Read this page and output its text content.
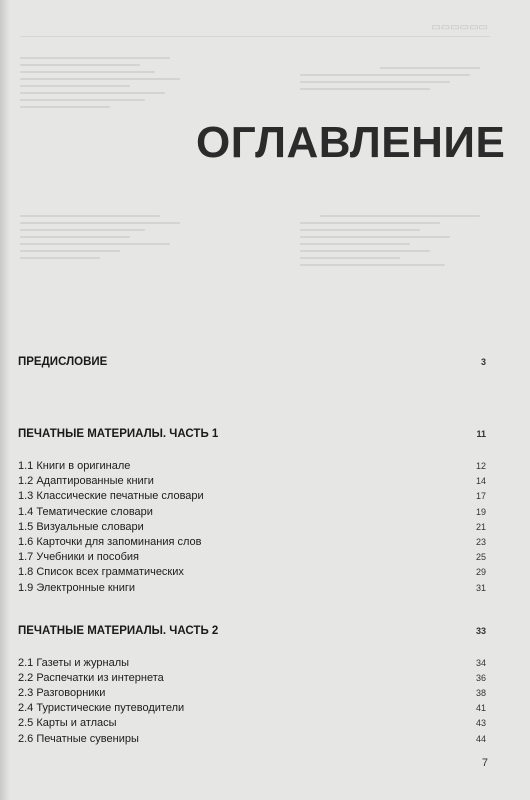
▭▭▭▭▭▭
ОГЛАВЛЕНИЕ
ПРЕДИСЛОВИЕ	3
ПЕЧАТНЫЕ МАТЕРИАЛЫ. ЧАСТЬ 1	11
1.1 Книги в оригинале	12
1.2 Адаптированные книги	14
1.3 Классические печатные словари	17
1.4 Тематические словари	19
1.5 Визуальные словари	21
1.6 Карточки для запоминания слов	23
1.7 Учебники и пособия	25
1.8 Список всех грамматических	29
1.9 Электронные книги	31
ПЕЧАТНЫЕ МАТЕРИАЛЫ. ЧАСТЬ 2	33
2.1 Газеты и журналы	34
2.2 Распечатки из интернета	36
2.3 Разговорники	38
2.4 Туристические путеводители	41
2.5 Карты и атласы	43
2.6 Печатные сувениры	44
7
